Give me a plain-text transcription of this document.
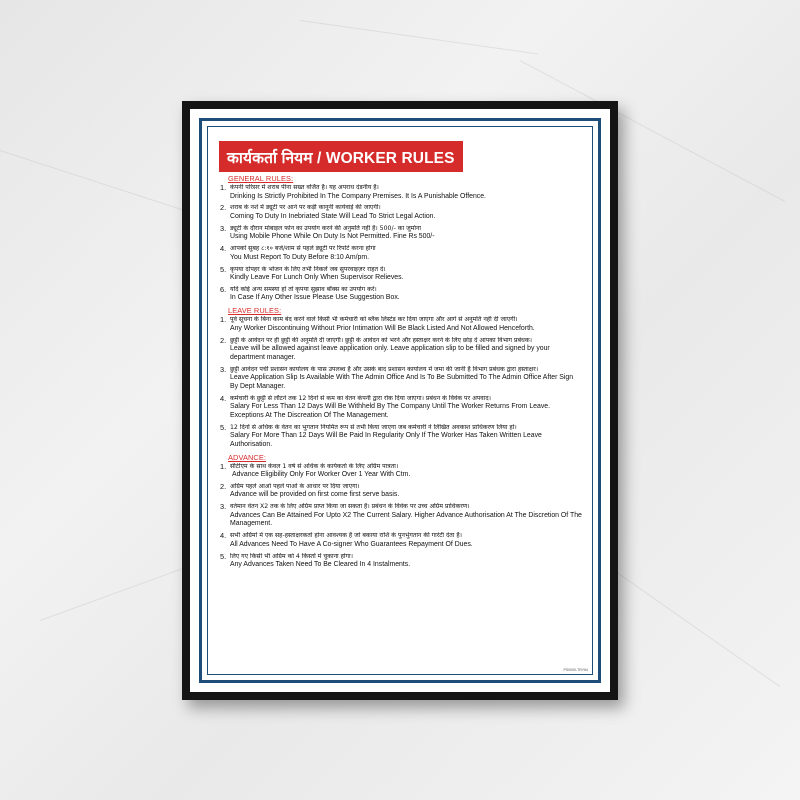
कार्यकर्ता नियम / WORKER RULES
GENERAL RULES:
1. कंपनी परिसर में शराब पीना सख्त वर्जित है। यह अपराध दंडनीय है।
Drinking Is Strictly Prohibited In The Company Premises. It Is A Punishable Offence.
2. शराब के नशे में ड्यूटी पर आने पर कड़ी कानूनी कार्यवाई की जाएगी।
Coming To Duty In Inebriated State Will Lead To Strict Legal Action.
3. ड्यूटी के दौरान मोबाइल फोन का उपयोग करने की अनुमति नहीं है। 500/- का जुर्माना
Using Mobile Phone While On Duty Is Not Permitted. Fine Rs 500/-
4. आपको सुबह ८:१० बजे/शाम से पहले ड्यूटी पर रिपोर्ट करना होगा
You Must Report To Duty Before 8:10 Am/pm.
5. कृपया दोपहर के भोजन के लिए तभी निकलें जब सुपरवाइज़र राहत दे।
Kindly Leave For Lunch Only When Supervisor Relieves.
6. यदि कोई अन्य समस्या हो तो कृपया सुझाव बॉक्स का उपयोग करें।
In Case If Any Other Issue Please Use Suggestion Box.
LEAVE RULES:
1. पूर्व सूचना के बिना काम बंद करने वाले किसी भी कर्मचारी को ब्लैक लिस्टेड कर दिया जाएगा और आगे से अनुमति नहीं दी जाएगी।
Any Worker Discontinuing Without Prior Intimation Will Be Black Listed And Not Allowed Henceforth.
2. छुट्टी के आवेदन पर ही छुट्टी की अनुमति दी जाएगी। छुट्टी के आवेदन को भरने और हस्ताक्षर करने के लिए छोड़ दें आपका विभाग प्रबंधक।
Leave will be allowed against leave application only. Leave application slip to be filled and signed by your department manager.
3. छुट्टी आवेदन पर्ची प्रशासन कार्यालय के पास उपलब्ध है और उसके बाद प्रशासन कार्यालय में जमा की जानी है विभाग प्रबंधक द्वारा हस्ताक्षर।
Leave Application Slip Is Available With The Admin Office And Is To Be Submitted To The Admin Office After Sign By Dept Manager.
4. कर्मचारी के छुट्टी से लौटने तक 12 दिनों से कम का वेतन कंपनी द्वारा रोक दिया जाएगा। प्रबंधन के विवेक पर अपवाद।
Salary For Less Than 12 Days Will Be Withheld By The Company Until The Worker Returns From Leave. Exceptions At The Discreation Of The Management.
5. 12 दिनों से अधिक के वेतन का भुगतान नियमित रूप से तभी किया जाएगा जब कर्मचारी ने लिखित अवकाश प्राधिकरण लिया हो।
Salary For More Than 12 Days Will Be Paid In Regularity Only If The Worker Has Taken Written Leave Authorisation.
ADVANCE:
1. सीटीएम के साथ केवल 1 वर्ष से अधिक के कार्यकर्ता के लिए अग्रिम पात्रता।
Advance Eligibility Only For Worker Over 1 Year With Ctm.
2. अग्रिम पहले आओ पहले पाओ के आधार पर दिया जाएगा।
Advance will be provided on first come first serve basis.
3. वर्तमान वेतन X2 तक के लिए अग्रिम प्राप्त किया जा सकता है। प्रबंधन के विवेक पर उच्च अग्रिम प्राधिकरण।
Advances Can Be Attained For Upto X2 The Current Salary. Higher Advance Authorisation At The Discretion Of The Management.
4. सभी अग्रिमों में एक सह-हस्ताक्षरकर्ता होना आवश्यक है जो बकाया राशि के पुनर्भुगतान की गारंटी देता है।
All Advances Need To Have A Co-signer Who Guarantees Repayment Of Dues.
5. लिए गए किसी भी अग्रिम को 4 किस्तों में चुकाना होगा।
Any Advances Taken Need To Be Cleared In 4 Instalments.
PS0000-TRY64
